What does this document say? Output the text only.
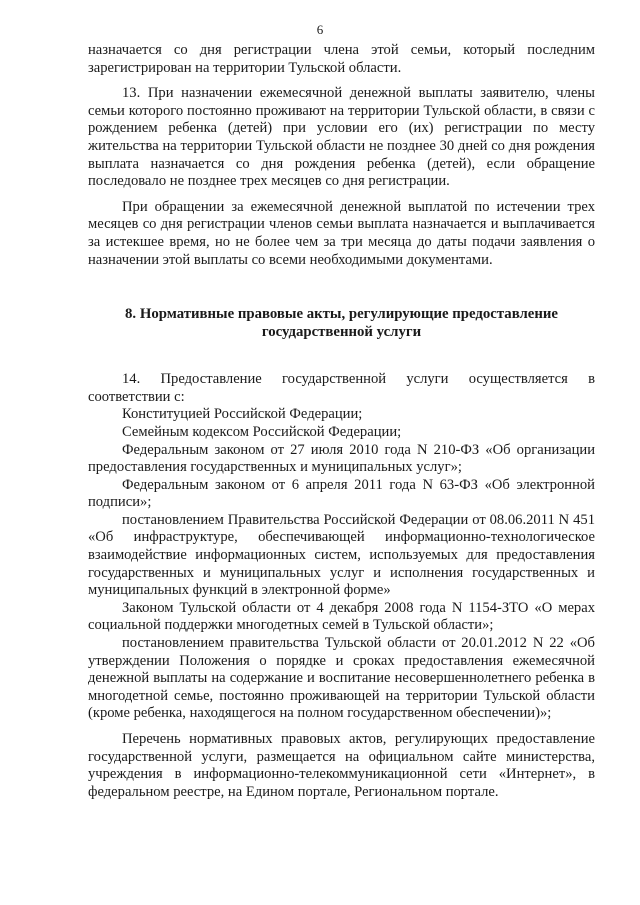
6

назначается со дня регистрации члена этой семьи, который последним зарегистрирован на территории Тульской области.

13. При назначении ежемесячной денежной выплаты заявителю, члены семьи которого постоянно проживают на территории Тульской области, в связи с рождением ребенка (детей) при условии его (их) регистрации по месту жительства на территории Тульской области не позднее 30 дней со дня рождения выплата назначается со дня рождения ребенка (детей), если обращение последовало не позднее трех месяцев со дня регистрации.

При обращении за ежемесячной денежной выплатой по истечении трех месяцев со дня регистрации членов семьи выплата назначается и выплачивается за истекшее время, но не более чем за три месяца до даты подачи заявления о назначении этой выплаты со всеми необходимыми документами.

8. Нормативные правовые акты, регулирующие предоставление государственной услуги

14. Предоставление государственной услуги осуществляется в соответствии с:

Конституцией Российской Федерации;

Семейным кодексом Российской Федерации;

Федеральным законом от 27 июля 2010 года N 210-ФЗ «Об организации предоставления государственных и муниципальных услуг»;

Федеральным законом от 6 апреля 2011 года N 63-ФЗ «Об электронной подписи»;

постановлением Правительства Российской Федерации от 08.06.2011 N 451 «Об инфраструктуре, обеспечивающей информационно-технологическое взаимодействие информационных систем, используемых для предоставления государственных и муниципальных услуг и исполнения государственных и муниципальных функций в электронной форме»

Законом Тульской области от 4 декабря 2008 года N 1154-ЗТО «О мерах социальной поддержки многодетных семей в Тульской области»;

постановлением правительства Тульской области от 20.01.2012 N 22 «Об утверждении Положения о порядке и сроках предоставления ежемесячной денежной выплаты на содержание и воспитание несовершеннолетнего ребенка в многодетной семье, постоянно проживающей на территории Тульской области (кроме ребенка, находящегося на полном государственном обеспечении)»;

Перечень нормативных правовых актов, регулирующих предоставление государственной услуги, размещается на официальном сайте министерства, учреждения в информационно-телекоммуникационной сети «Интернет», в федеральном реестре, на Едином портале, Региональном портале.
